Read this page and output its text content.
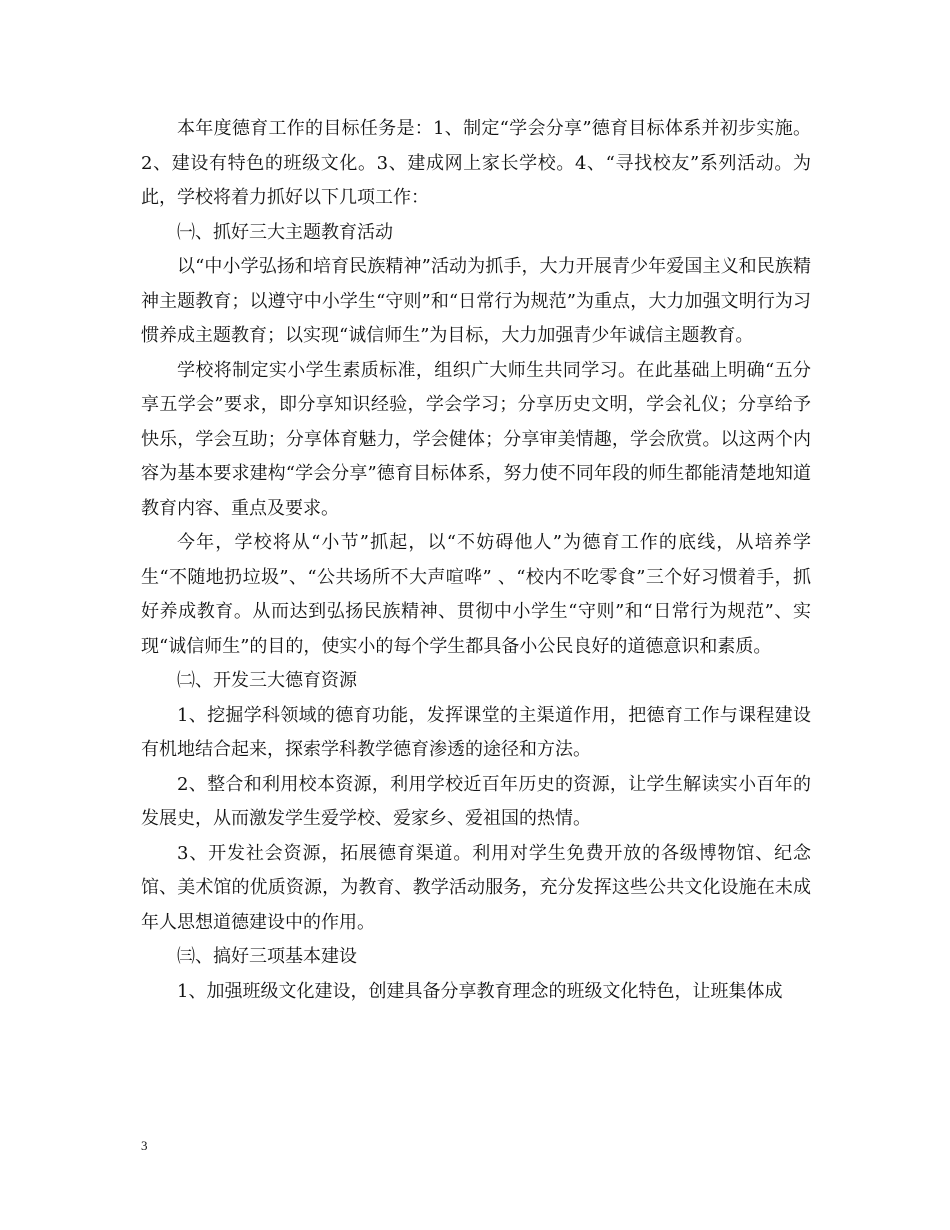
本年度德育工作的目标任务是：1、制定“学会分享”德育目标体系并初步实施。2、建设有特色的班级文化。3、建成网上家长学校。4、“寻找校友”系列活动。为此，学校将着力抓好以下几项工作：

㈠、抓好三大主题教育活动

以“中小学弘扬和培育民族精神”活动为抓手，大力开展青少年爱国主义和民族精神主题教育；以遵守中小学生“守则”和“日常行为规范”为重点，大力加强文明行为习惯养成主题教育；以实现“诚信师生”为目标，大力加强青少年诚信主题教育。

学校将制定实小学生素质标准，组织广大师生共同学习。在此基础上明确“五分享五学会”要求，即分享知识经验，学会学习；分享历史文明，学会礼仪；分享给予快乐，学会互助；分享体育魅力，学会健体；分享审美情趣，学会欣赏。以这两个内容为基本要求建构“学会分享”德育目标体系，努力使不同年段的师生都能清楚地知道教育内容、重点及要求。

今年，学校将从“小节”抓起，以“不妨碍他人”为德育工作的底线，从培养学生“不随地扔垃圾”、“公共场所不大声喧哗” 、“校内不吃零食”三个好习惯着手，抓好养成教育。从而达到弘扬民族精神、贯彻中小学生“守则”和“日常行为规范”、实现“诚信师生”的目的，使实小的每个学生都具备小公民良好的道德意识和素质。

㈡、开发三大德育资源

1、挖掘学科领域的德育功能，发挥课堂的主渠道作用，把德育工作与课程建设有机地结合起来，探索学科教学德育渗透的途径和方法。

2、整合和利用校本资源，利用学校近百年历史的资源，让学生解读实小百年的发展史，从而激发学生爱学校、爱家乡、爱祖国的热情。

3、开发社会资源，拓展德育渠道。利用对学生免费开放的各级博物馆、纪念馆、美术馆的优质资源，为教育、教学活动服务，充分发挥这些公共文化设施在未成年人思想道德建设中的作用。

㈢、搞好三项基本建设

1、加强班级文化建设，创建具备分享教育理念的班级文化特色，让班集体成

3
